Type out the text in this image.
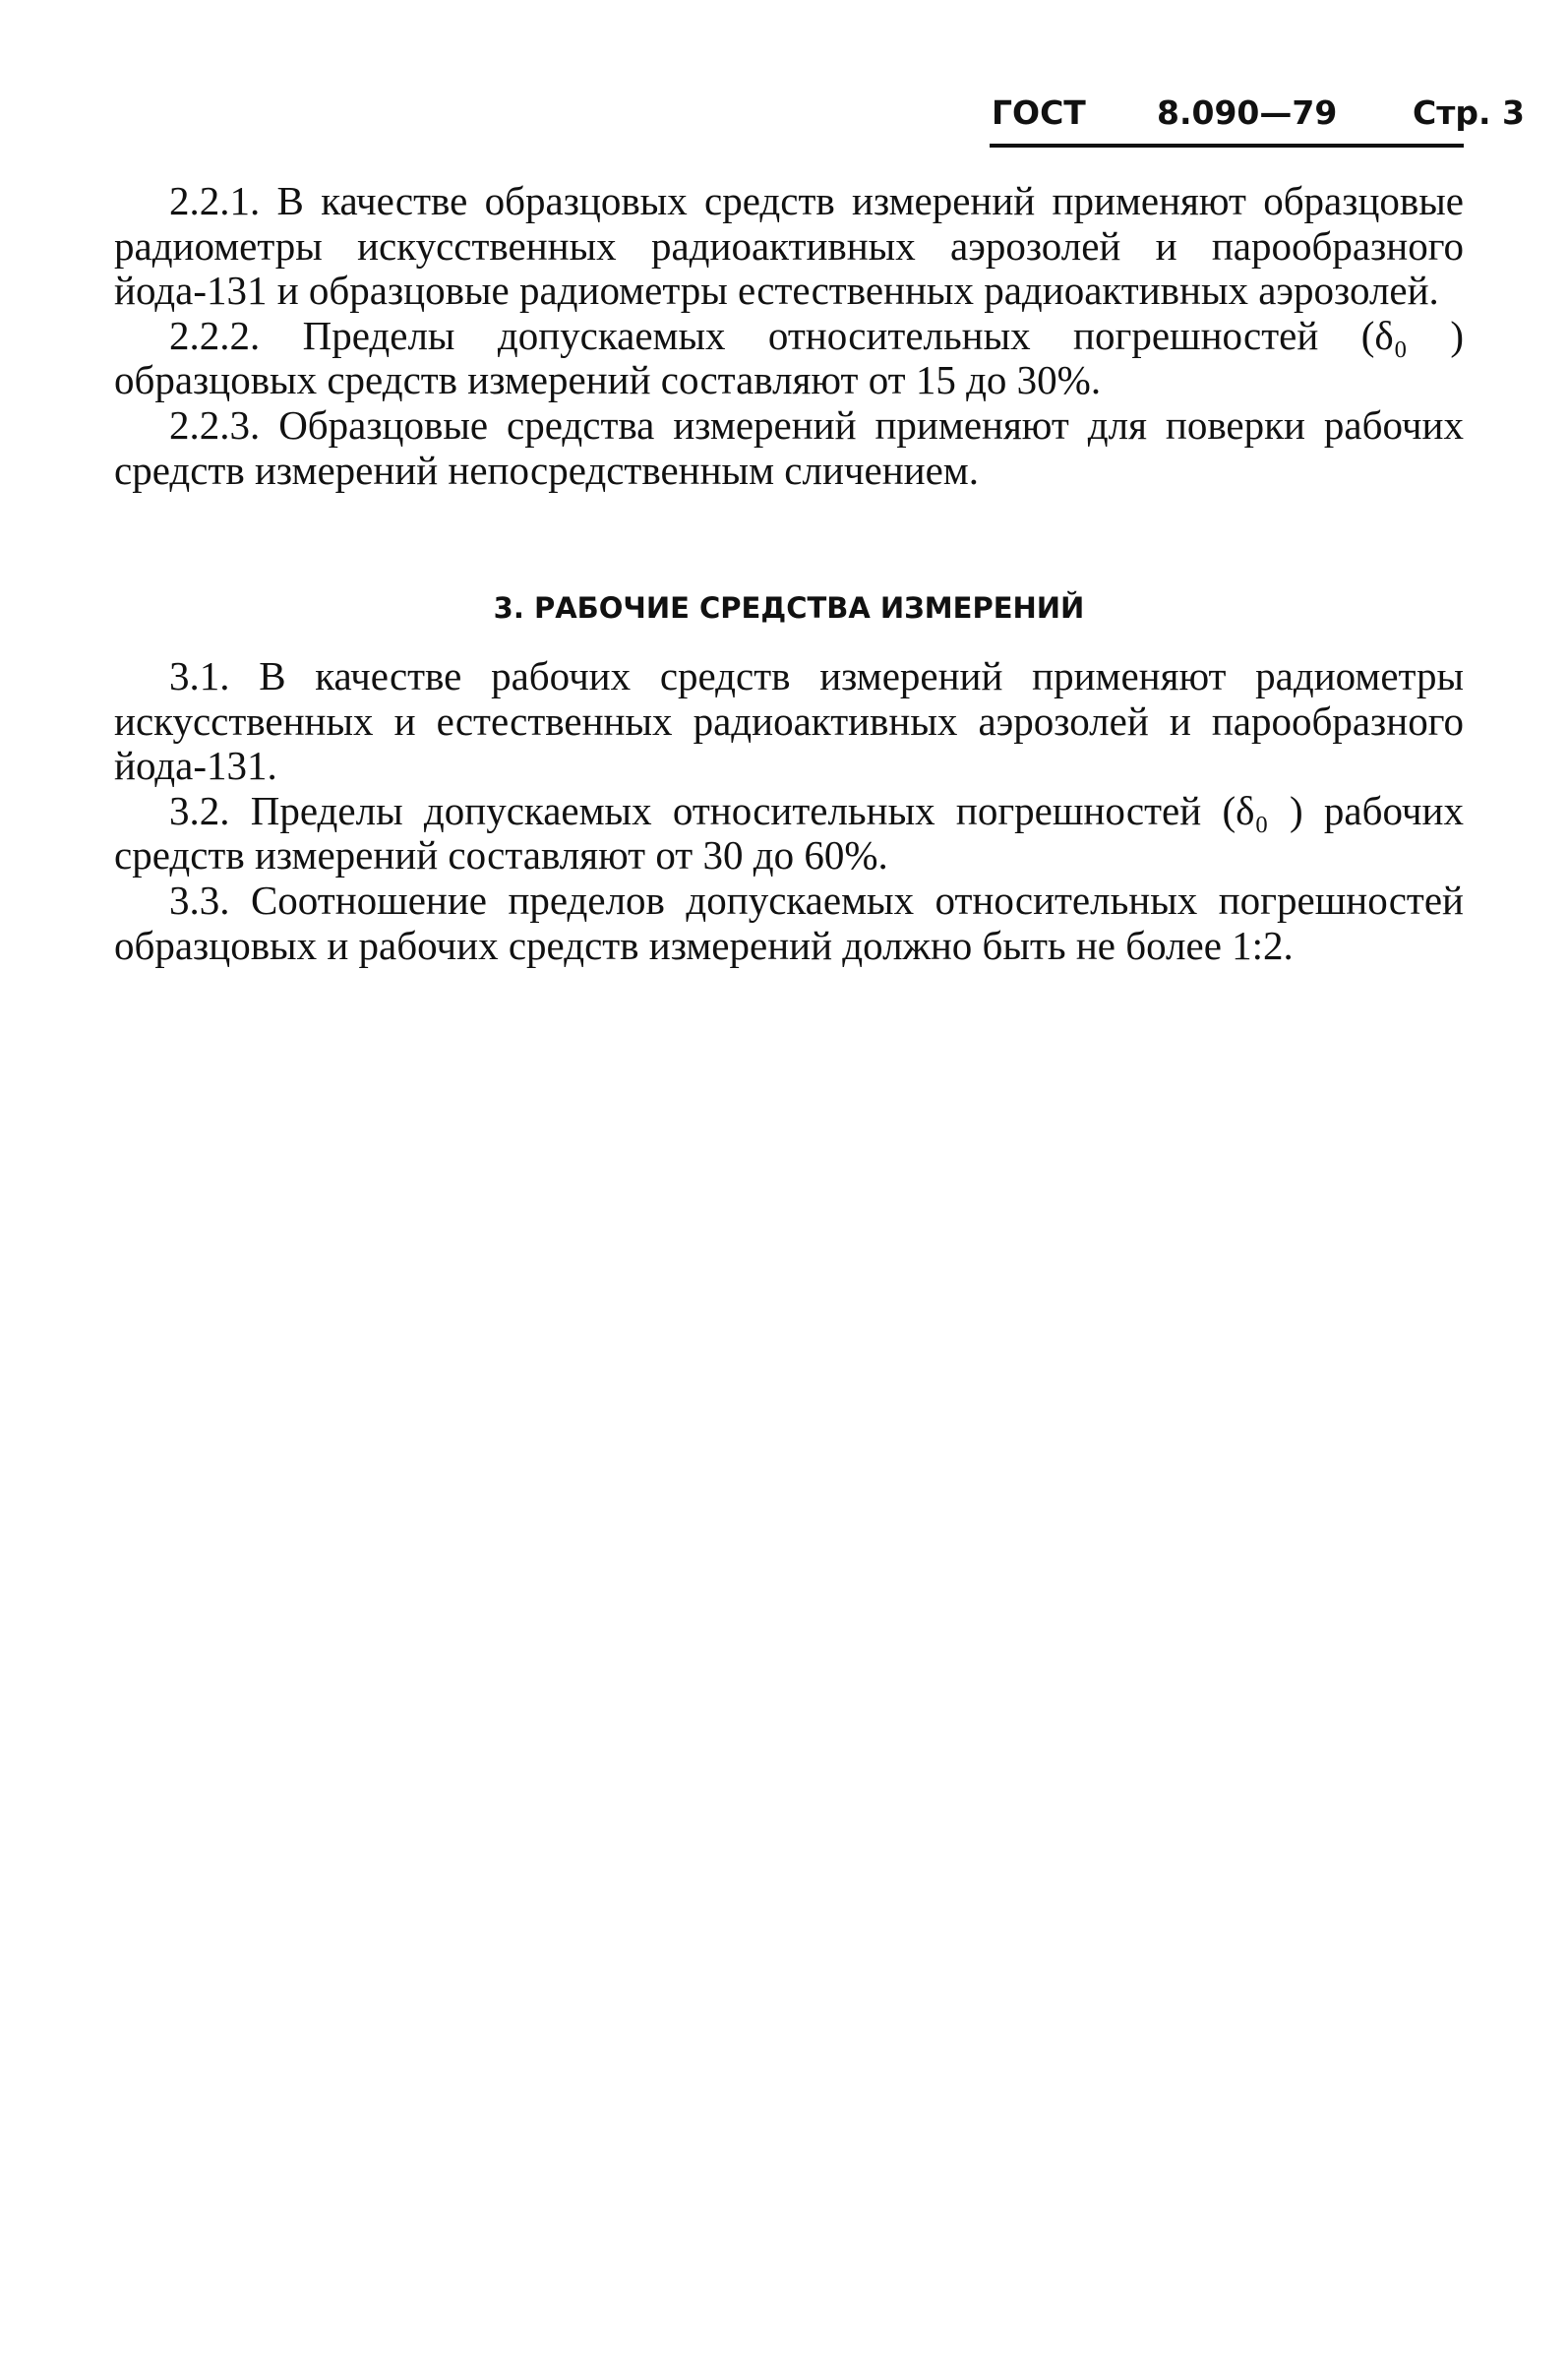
ГОСТ 8.090—79 Стр. 3

2.2.1. В качестве образцовых средств измерений применяют образцовые радиометры искусственных радиоактивных аэрозолей и парообразного йода-131 и образцовые радиометры естественных радиоактивных аэрозолей.

2.2.2. Пределы допускаемых относительных погрешностей (δ₀ ) образцовых средств измерений составляют от 15 до 30%.

2.2.3. Образцовые средства измерений применяют для поверки рабочих средств измерений непосредственным сличением.

3. РАБОЧИЕ СРЕДСТВА ИЗМЕРЕНИЙ

3.1. В качестве рабочих средств измерений применяют радиометры искусственных и естественных радиоактивных аэрозолей и парообразного йода-131.

3.2. Пределы допускаемых относительных погрешностей (δ₀ ) рабочих средств измерений составляют от 30 до 60%.

3.3. Соотношение пределов допускаемых относительных погрешностей образцовых и рабочих средств измерений должно быть не более 1:2.
